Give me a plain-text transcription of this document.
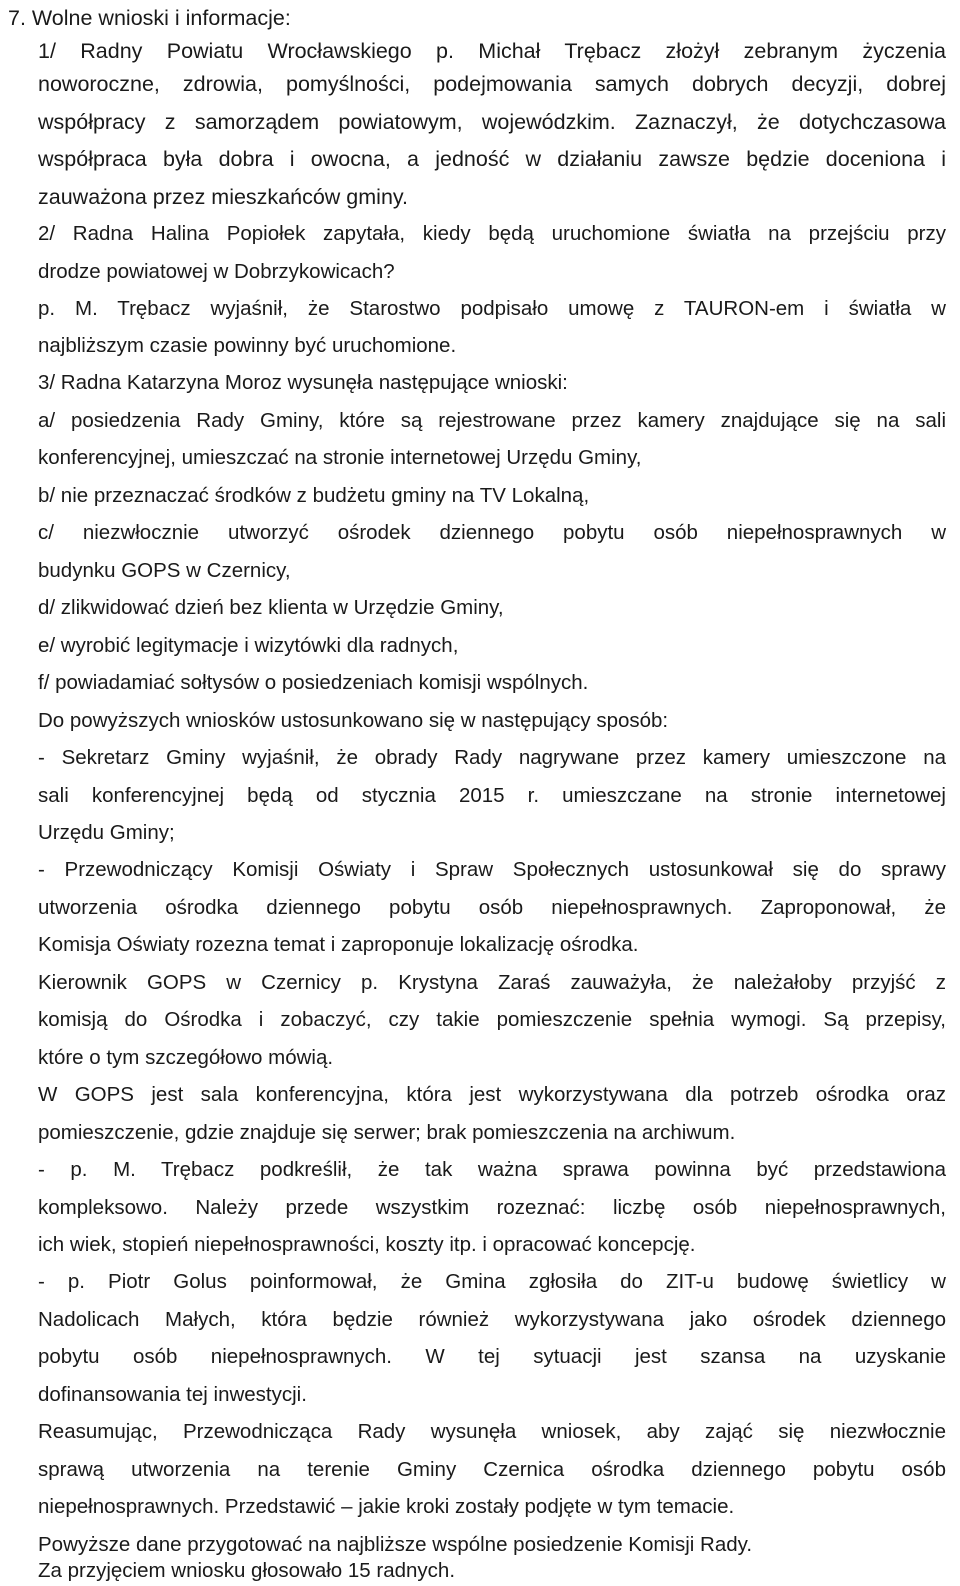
7. Wolne wnioski i informacje:
1/ Radny Powiatu Wrocławskiego p. Michał Trębacz złożył zebranym życzenia
noworoczne, zdrowia, pomyślności, podejmowania samych dobrych decyzji, dobrej
współpracy z samorządem powiatowym, wojewódzkim. Zaznaczył, że dotychczasowa
współpraca była dobra i owocna, a jedność w działaniu zawsze będzie doceniona i
zauważona przez mieszkańców gminy.
2/ Radna Halina Popiołek zapytała, kiedy będą uruchomione światła na przejściu przy
drodze powiatowej w Dobrzykowicach?
p. M. Trębacz wyjaśnił, że Starostwo podpisało umowę z TAURON-em i światła w
najbliższym czasie powinny być uruchomione.
3/ Radna Katarzyna Moroz wysunęła następujące wnioski:
a/ posiedzenia Rady Gminy, które są rejestrowane przez kamery znajdujące się na sali
konferencyjnej, umieszczać na stronie internetowej Urzędu Gminy,
b/ nie przeznaczać środków z budżetu gminy na TV Lokalną,
c/ niezwłocznie utworzyć ośrodek dziennego pobytu osób niepełnosprawnych w
budynku GOPS w Czernicy,
d/ zlikwidować dzień bez klienta w Urzędzie Gminy,
e/ wyrobić legitymacje i wizytówki dla radnych,
f/ powiadamiać sołtysów o posiedzeniach komisji wspólnych.
Do powyższych wniosków ustosunkowano się w następujący sposób:
- Sekretarz Gminy wyjaśnił, że obrady Rady nagrywane przez kamery umieszczone na
sali konferencyjnej będą od stycznia 2015 r. umieszczane na stronie internetowej
Urzędu Gminy;
- Przewodniczący Komisji Oświaty i Spraw Społecznych ustosunkował się do sprawy
utworzenia ośrodka dziennego pobytu osób niepełnosprawnych. Zaproponował, że
Komisja Oświaty rozezna temat i zaproponuje lokalizację ośrodka.
Kierownik GOPS w Czernicy p. Krystyna Zaraś zauważyła, że należałoby przyjść z
komisją do Ośrodka i zobaczyć, czy takie pomieszczenie spełnia wymogi. Są przepisy,
które o tym szczegółowo mówią.
W GOPS jest sala konferencyjna, która jest wykorzystywana dla potrzeb ośrodka oraz
pomieszczenie, gdzie znajduje się serwer; brak pomieszczenia na archiwum.
- p. M. Trębacz podkreślił, że tak ważna sprawa powinna być przedstawiona
kompleksowo. Należy przede wszystkim rozeznać: liczbę osób niepełnosprawnych,
ich wiek, stopień niepełnosprawności, koszty itp. i opracować koncepcję.
- p. Piotr Golus poinformował, że Gmina zgłosiła do ZIT-u budowę świetlicy w
Nadolicach Małych, która będzie również wykorzystywana jako ośrodek dziennego
pobytu osób niepełnosprawnych. W tej sytuacji jest szansa na uzyskanie
dofinansowania tej inwestycji.
Reasumując, Przewodnicząca Rady wysunęła wniosek, aby zająć się niezwłocznie
sprawą utworzenia na terenie Gminy Czernica ośrodka dziennego pobytu osób
niepełnosprawnych. Przedstawić – jakie kroki zostały podjęte w tym temacie.
Powyższe dane przygotować na najbliższe wspólne posiedzenie Komisji Rady.
Za przyjęciem wniosku głosowało 15 radnych.
